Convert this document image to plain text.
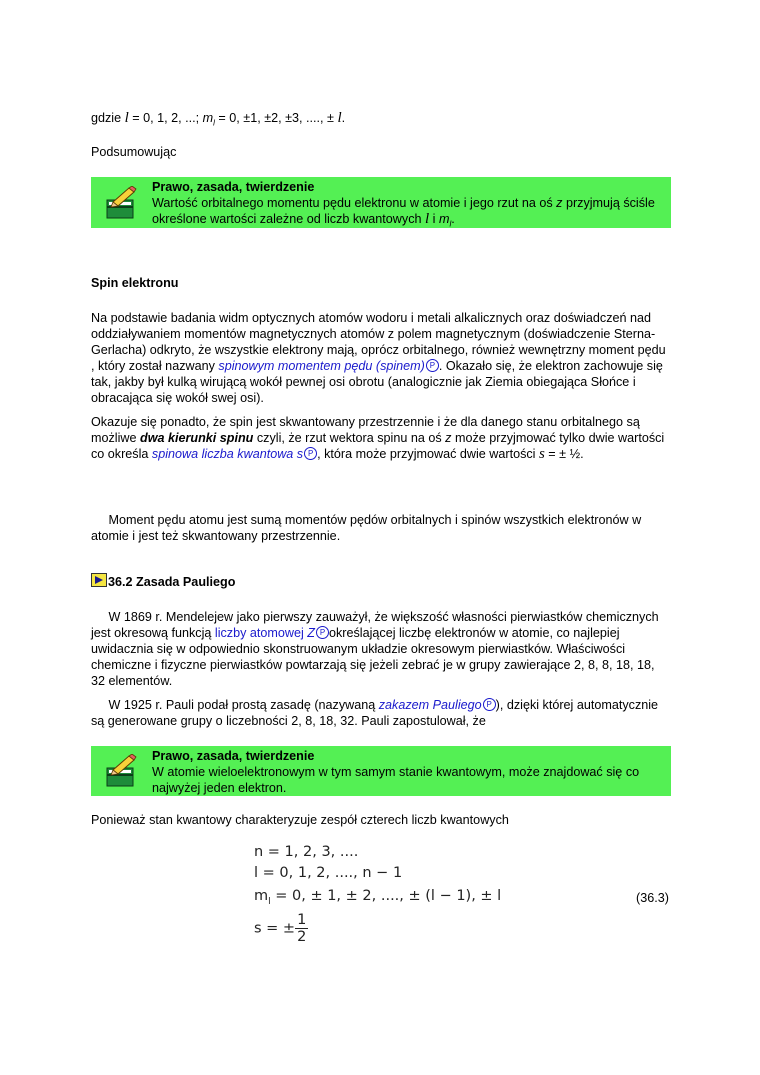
gdzie l = 0, 1, 2, ...; $m_l = 0$, ±1, ±2, ±3, ...., ± l.

Podsumowując

Prawo, zasada, twierdzenie
Wartość orbitalnego momentu pędu elektronu w atomie i jego rzut na oś z przyjmują ściśle określone wartości zależne od liczb kwantowych l i $m_l$.
Spin elektronu

Na podstawie badania widm optycznych atomów wodoru i metali alkalicznych oraz doświadczeń nad oddziaływaniem momentów magnetycznych atomów z polem magnetycznym (doświadczenie Sterna-Gerlacha) odkryto, że wszystkie elektrony mają, oprócz orbitalnego, również wewnętrzny moment pędu , który został nazwany spinowym momentem pędu (spinem) P . Okazało się, że elektron zachowuje się tak, jakby był kulką wirującą wokół pewnej osi obrotu (analogicznie jak Ziemia obiegająca Słońce i obracająca się wokół swej osi).

Okazuje się ponadto, że spin jest skwantowany przestrzennie i że dla danego stanu orbitalnego są możliwe dwa kierunki spinu czyli, że rzut wektora spinu na oś z może przyjmować tylko dwie wartości co określa spinowa liczba kwantowa s P , która może przyjmować dwie wartości s = ± ½.

Moment pędu atomu jest sumą momentów pędów orbitalnych i spinów wszystkich elektronów w atomie i jest też skwantowany przestrzennie.

36.2 Zasada Pauliego

W 1869 r. Mendelejew jako pierwszy zauważył, że większość własności pierwiastków chemicznych jest okresową funkcją liczby atomowej Z P określającej liczbę elektronów w atomie, co najlepiej uwidacznia się w odpowiednio skonstruowanym układzie okresowym pierwiastków. Właściwości chemiczne i fizyczne pierwiastków powtarzają się jeżeli zebrać je w grupy zawierające 2, 8, 8, 18, 18, 32 elementów.

W 1925 r. Pauli podał prostą zasadę (nazywaną zakazem Pauliego P ), dzięki której automatycznie są generowane grupy o liczebności 2, 8, 18, 32. Pauli zapostulował, że

Prawo, zasada, twierdzenie
W atomie wieloelektronowym w tym samym stanie kwantowym, może znajdować się co najwyżej jeden elektron.

Ponieważ stan kwantowy charakteryzuje zespół czterech liczb kwantowych

n = 1, 2, 3, ....
l = 0, 1, 2, ...., n − 1
$m_l = 0$, ± 1, ± 2, ...., ± (l − 1), ± l
s = ± $\frac{1}{2}$
(36.3)
